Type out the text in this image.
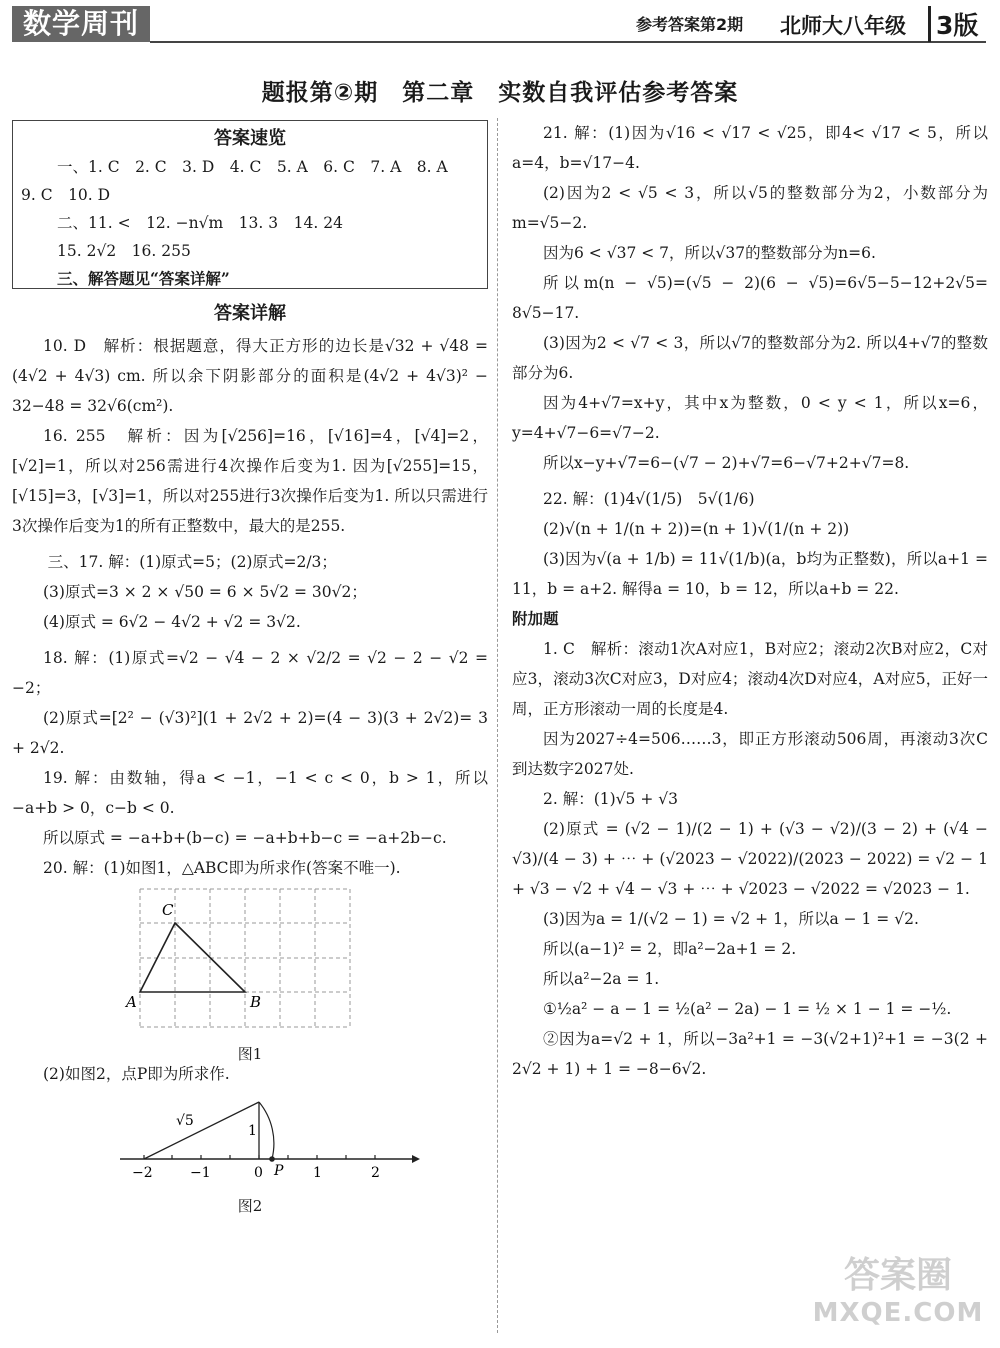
数学周刊	参考答案第2期 北师大八年级 3版
题报第②期　第二章　实数自我评估参考答案
答案速览
一、1. C　2. C　3. D　4. C　5. A　6. C　7. A　8. A
9. C　10. D
二、11. <　12. −n√m　13. 3　14. 24
15. 2√2　16. 255
三、解答题见“答案详解”
答案详解

10. D　解析：根据题意，得大正方形的边长是√32 + √48 = (4√2 + 4√3) cm. 所以余下阴影部分的面积是(4√2 + 4√3)² − 32−48 = 32√6(cm²).

16. 255　解析：因为[√256]=16，[√16]=4，[√4]=2，[√2]=1，所以对256需进行4次操作后变为1. 因为[√255]=15，[√15]=3，[√3]=1，所以对255进行3次操作后变为1. 所以只需进行3次操作后变为1的所有正整数中，最大的是255.

三、17. 解：(1)原式=5；(2)原式=2/3；

(3)原式=3 × 2 × √50 = 6 × 5√2 = 30√2；

(4)原式 = 6√2 − 4√2 + √2 = 3√2.

18. 解：(1)原式=√2 − √4 − 2 × √2/2 = √2 − 2 − √2 = −2；

(2)原式=[2² − (√3)²](1 + 2√2 + 2)=(4 − 3)(3 + 2√2)= 3 + 2√2.

19. 解：由数轴，得a < −1，−1 < c < 0，b > 1，所以−a+b > 0，c−b < 0.

所以原式 = −a+b+(b−c) = −a+b+b−c = −a+2b−c.

20. 解：(1)如图1，△ABC即为所求作(答案不唯一).

A	B
C
图1

(2)如图2，点P即为所求作.

√5
1
0 P
−2	−1	1	2
图2

21. 解：(1)因为√16 < √17 < √25，即4< √17 < 5，所以a=4，b=√17−4.

(2)因为2 < √5 < 3，所以√5的整数部分为2，小数部分为m=√5−2.

因为6 < √37 < 7，所以√37的整数部分为n=6.

所以m(n − √5)=(√5 − 2)(6 − √5)=6√5−5−12+2√5= 8√5−17.

(3)因为2 < √7 < 3，所以√7的整数部分为2. 所以4+√7的整数部分为6.

因为4+√7=x+y，其中x为整数，0 < y < 1，所以x=6，y=4+√7−6=√7−2.

所以x−y+√7=6−(√7 − 2)+√7=6−√7+2+√7=8.

22. 解：(1)4√(1/5)　5√(1/6)

(2)√(n + 1/(n + 2))=(n + 1)√(1/(n + 2))

(3)因为√(a + 1/b) = 11√(1/b)(a，b均为正整数)，所以a+1 = 11，b = a+2. 解得a = 10，b = 12，所以a+b = 22.

附加题

1. C　解析：滚动1次A对应1，B对应2；滚动2次B对应2，C对应3，滚动3次C对应3，D对应4；滚动4次D对应4，A对应5，正好一周，正方形滚动一周的长度是4.

因为2027÷4=506……3，即正方形滚动506周，再滚动3次C到达数字2027处.

2. 解：(1)√5 + √3

(2)原式 = (√2 − 1)/(2 − 1) + (√3 − √2)/(3 − 2) + (√4 − √3)/(4 − 3) + ⋯ + (√2023 − √2022)/(2023 − 2022) = √2 − 1 + √3 − √2 + √4 − √3 + ⋯ + √2023 − √2022 = √2023 − 1.

(3)因为a = 1/(√2 − 1) = √2 + 1，所以a − 1 = √2.

所以(a−1)² = 2，即a²−2a+1 = 2.

所以a²−2a = 1.

①½a² − a − 1 = ½(a² − 2a) − 1 = ½ × 1 − 1 = −½.

②因为a=√2 + 1，所以−3a²+1 = −3(√2+1)²+1 = −3(2 + 2√2 + 1) + 1 = −8−6√2.

答案圈
MXQE.COM
